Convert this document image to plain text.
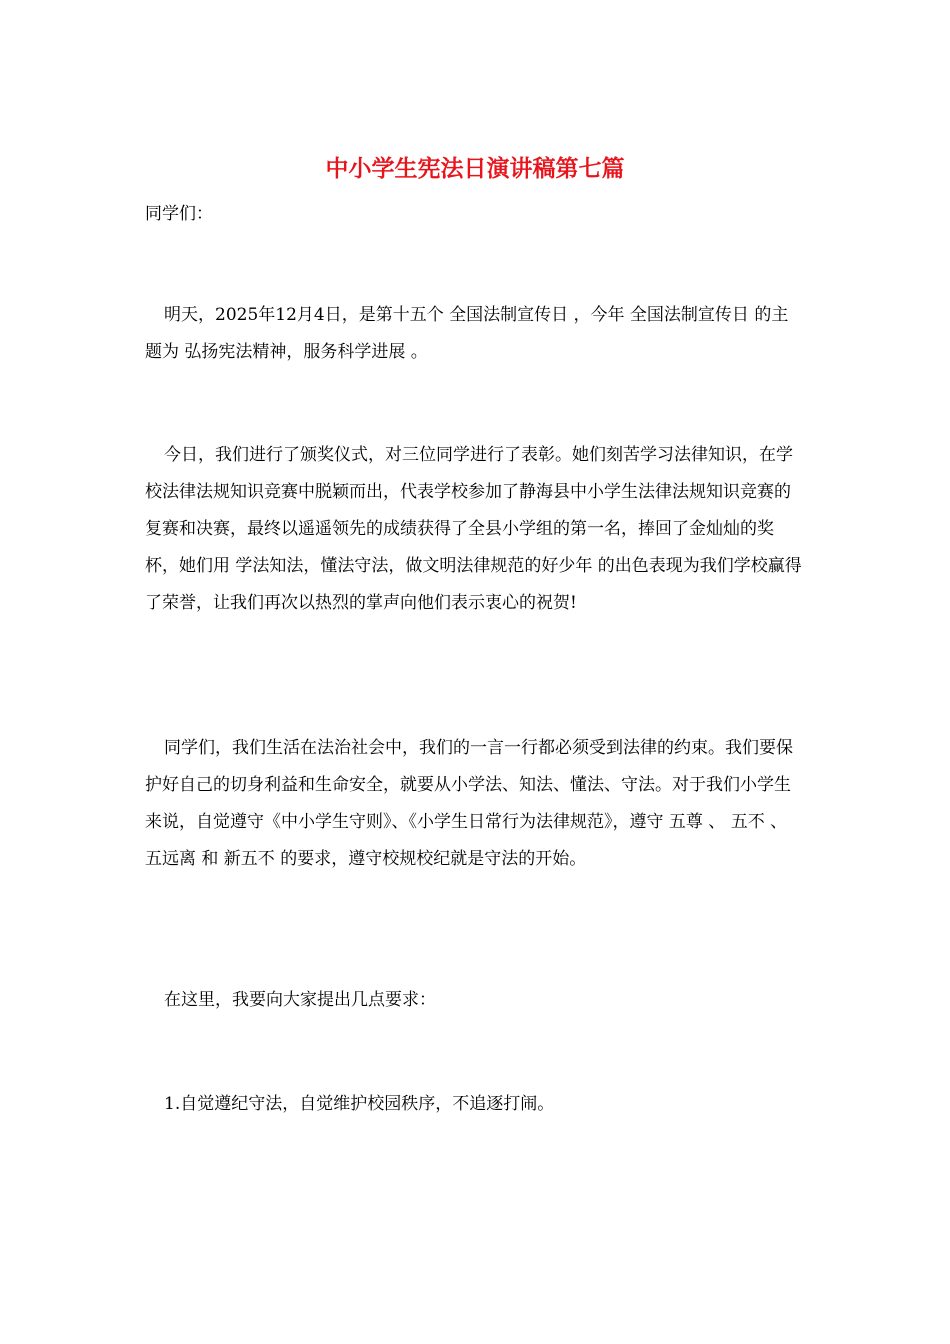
中小学生宪法日演讲稿第七篇
同学们：
明天，2025年12月4日，是第十五个 全国法制宣传日 ，今年 全国法制宣传日 的主题为 弘扬宪法精神，服务科学进展 。
今日，我们进行了颁奖仪式，对三位同学进行了表彰。她们刻苦学习法律知识，在学校法律法规知识竞赛中脱颖而出，代表学校参加了静海县中小学生法律法规知识竞赛的复赛和决赛，最终以遥遥领先的成绩获得了全县小学组的第一名，捧回了金灿灿的奖杯，她们用 学法知法，懂法守法，做文明法律规范的好少年 的出色表现为我们学校赢得了荣誉，让我们再次以热烈的掌声向他们表示衷心的祝贺!
同学们，我们生活在法治社会中，我们的一言一行都必须受到法律的约束。我们要保护好自己的切身利益和生命安全，就要从小学法、知法、懂法、守法。对于我们小学生来说，自觉遵守《中小学生守则》、《小学生日常行为法律规范》，遵守 五尊 、 五不 、 五远离 和 新五不 的要求，遵守校规校纪就是守法的开始。
在这里，我要向大家提出几点要求：
1.自觉遵纪守法，自觉维护校园秩序，不追逐打闹。
